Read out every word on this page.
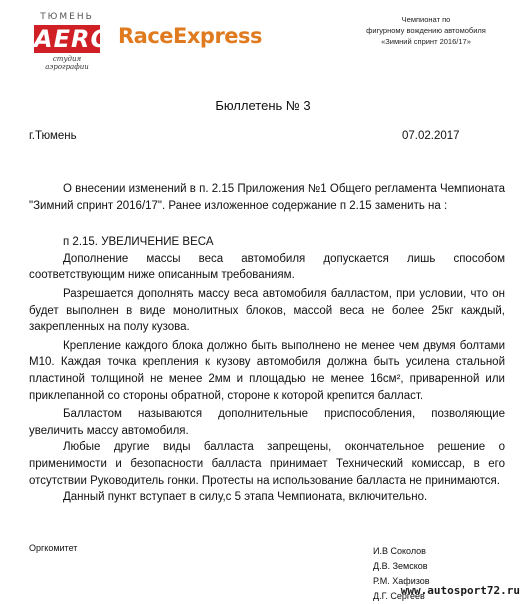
ТЮМЕНЬ
AERO
студия аэрографии
RaceExpress
Чемпионат по
фигурному вождению автомобиля
«Зимний спринт 2016/17»
Бюллетень № 3
г.Тюмень	07.02.2017

О внесении изменений в п. 2.15 Приложения №1 Общего регламента Чемпионата "Зимний спринт 2016/17". Ранее изложенное содержание п 2.15 заменить на :

п 2.15. УВЕЛИЧЕНИЕ ВЕСА

Дополнение массы веса автомобиля допускается лишь способом соответствующим ниже описанным требованиям.

Разрешается дополнять массу веса автомобиля балластом, при условии, что он будет выполнен в виде монолитных блоков, массой веса не более 25кг каждый, закрепленных на полу кузова.

Крепление каждого блока должно быть выполнено не менее чем двумя болтами М10. Каждая точка крепления к кузову автомобиля должна быть усилена стальной пластиной толщиной не менее 2мм и площадью не менее 16см², приваренной или приклепанной со стороны обратной, стороне к которой крепится балласт.

Балластом называются дополнительные приспособления, позволяющие увеличить массу автомобиля.

Любые другие виды балласта запрещены, окончательное решение о применимости и безопасности балласта принимает Технический комиссар, в его отсутствии Руководитель гонки. Протесты на использование балласта не принимаются.

Данный пункт вступает в силу,с 5 этапа Чемпионата, включительно.

Оргкомитет	И.В Соколов
Д.В. Земсков
Р.М. Хафизов
Д.Г. Сергеев
www.autosport72.ru
